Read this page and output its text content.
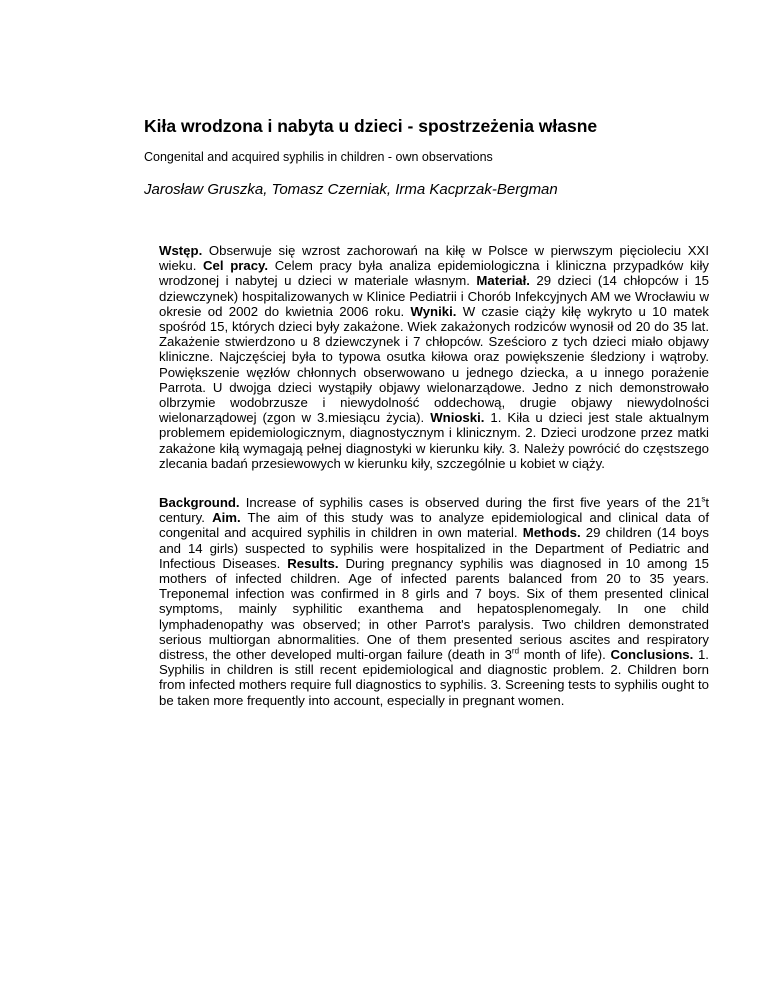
Kiła wrodzona i nabyta u dzieci - spostrzeżenia własne

Congenital and acquired syphilis in children - own observations

Jarosław Gruszka, Tomasz Czerniak, Irma Kacprzak-Bergman

Wstęp. Obserwuje się wzrost zachorowań na kiłę w Polsce w pierwszym pięcioleciu XXI wieku. Cel pracy. Celem pracy była analiza epidemiologiczna i kliniczna przypadków kiły wrodzonej i nabytej u dzieci w materiale własnym. Materiał. 29 dzieci (14 chłopców i 15 dziewczynek) hospitalizowanych w Klinice Pediatrii i Chorób Infekcyjnych AM we Wrocławiu w okresie od 2002 do kwietnia 2006 roku. Wyniki. W czasie ciąży kiłę wykryto u 10 matek spośród 15, których dzieci były zakażone. Wiek zakażonych rodziców wynosił od 20 do 35 lat. Zakażenie stwierdzono u 8 dziewczynek i 7 chłopców. Sześcioro z tych dzieci miało objawy kliniczne. Najczęściej była to typowa osutka kiłowa oraz powiększenie śledziony i wątroby. Powiększenie węzłów chłonnych obserwowano u jednego dziecka, a u innego porażenie Parrota. U dwojga dzieci wystąpiły objawy wielonarządowe. Jedno z nich demonstrowało olbrzymie wodobrzusze i niewydolność oddechową, drugie objawy niewydolności wielonarządowej (zgon w 3.miesiącu życia). Wnioski. 1. Kiła u dzieci jest stale aktualnym problemem epidemiologicznym, diagnostycznym i klinicznym. 2. Dzieci urodzone przez matki zakażone kiłą wymagają pełnej diagnostyki w kierunku kiły. 3. Należy powrócić do częstszego zlecania badań przesiewowych w kierunku kiły, szczególnie u kobiet w ciąży.

Background. Increase of syphilis cases is observed during the first five years of the 21$^s$t century. Aim. The aim of this study was to analyze epidemiological and clinical data of congenital and acquired syphilis in children in own material. Methods. 29 children (14 boys and 14 girls) suspected to syphilis were hospitalized in the Department of Pediatric and Infectious Diseases. Results. During pregnancy syphilis was diagnosed in 10 among 15 mothers of infected children. Age of infected parents balanced from 20 to 35 years. Treponemal infection was confirmed in 8 girls and 7 boys. Six of them presented clinical symptoms, mainly syphilitic exanthema and hepatosplenomegaly. In one child lymphadenopathy was observed; in other Parrot's paralysis. Two children demonstrated serious multiorgan abnormalities. One of them presented serious ascites and respiratory distress, the other developed multi-organ failure (death in 3rd month of life). Conclusions. 1. Syphilis in children is still recent epidemiological and diagnostic problem. 2. Children born from infected mothers require full diagnostics to syphilis. 3. Screening tests to syphilis ought to be taken more frequently into account, especially in pregnant women.
